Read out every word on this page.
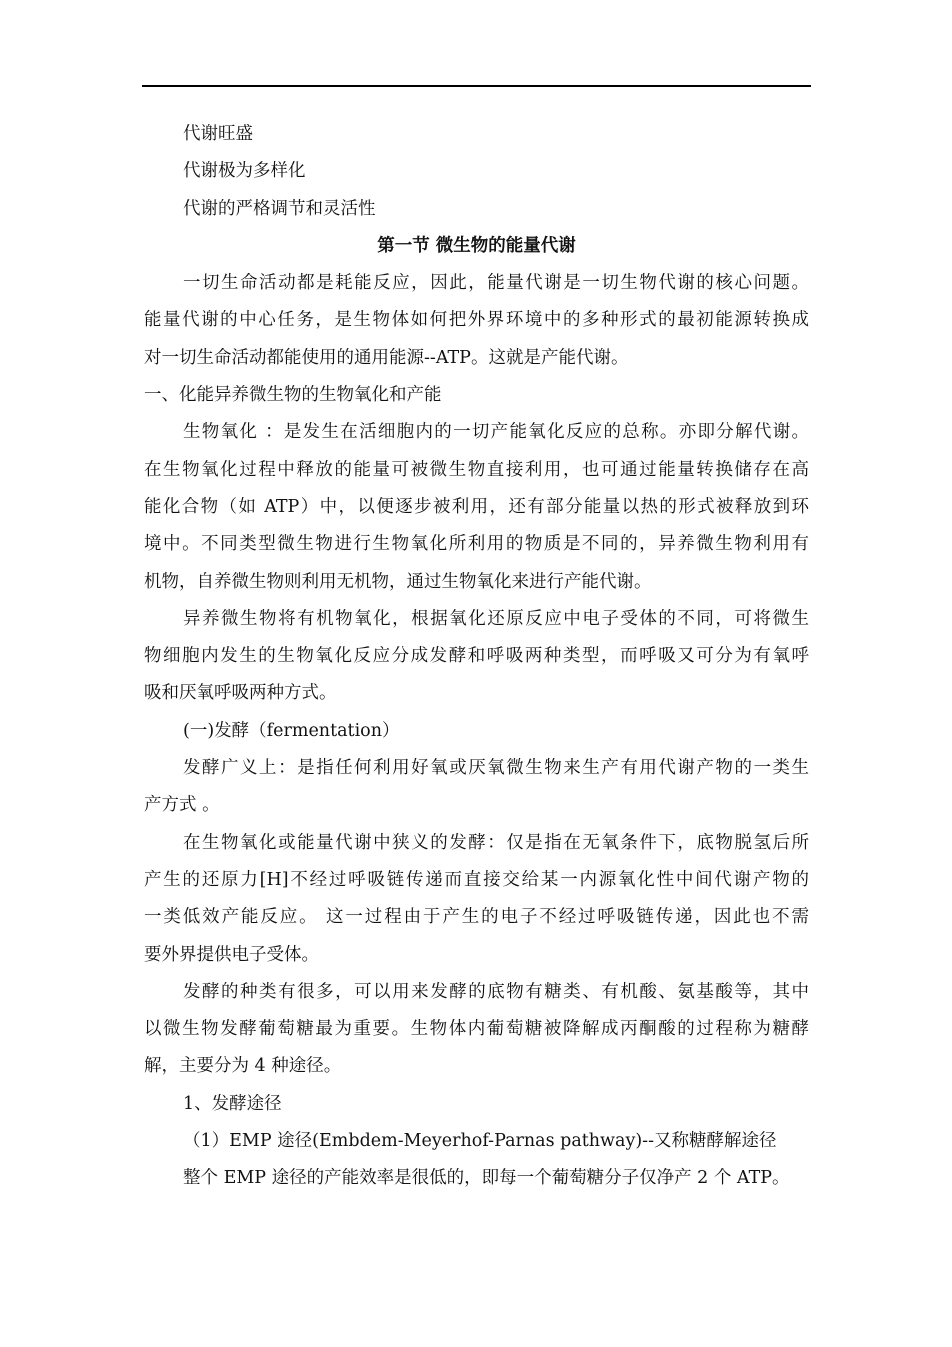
代谢旺盛
代谢极为多样化
代谢的严格调节和灵活性
第一节 微生物的能量代谢
一切生命活动都是耗能反应，因此，能量代谢是一切生物代谢的核心问题。
能量代谢的中心任务，是生物体如何把外界环境中的多种形式的最初能源转换成
对一切生命活动都能使用的通用能源--ATP。这就是产能代谢。
一、化能异养微生物的生物氧化和产能
生物氧化 ：是发生在活细胞内的一切产能氧化反应的总称。亦即分解代谢。
在生物氧化过程中释放的能量可被微生物直接利用，也可通过能量转换储存在高
能化合物（如 ATP）中，以便逐步被利用，还有部分能量以热的形式被释放到环
境中。不同类型微生物进行生物氧化所利用的物质是不同的，异养微生物利用有
机物，自养微生物则利用无机物，通过生物氧化来进行产能代谢。
异养微生物将有机物氧化，根据氧化还原反应中电子受体的不同，可将微生
物细胞内发生的生物氧化反应分成发酵和呼吸两种类型，而呼吸又可分为有氧呼
吸和厌氧呼吸两种方式。
(一)发酵（fermentation）
发酵广义上：是指任何利用好氧或厌氧微生物来生产有用代谢产物的一类生
产方式 。
在生物氧化或能量代谢中狭义的发酵：仅是指在无氧条件下，底物脱氢后所
产生的还原力[H]不经过呼吸链传递而直接交给某一内源氧化性中间代谢产物的
一类低效产能反应。 这一过程由于产生的电子不经过呼吸链传递，因此也不需
要外界提供电子受体。
发酵的种类有很多，可以用来发酵的底物有糖类、有机酸、氨基酸等，其中
以微生物发酵葡萄糖最为重要。生物体内葡萄糖被降解成丙酮酸的过程称为糖酵
解，主要分为 4 种途径。
1、发酵途径
（1）EMP 途径(Embdem-Meyerhof-Parnas pathway)--又称糖酵解途径
整个 EMP 途径的产能效率是很低的，即每一个葡萄糖分子仅净产 2 个 ATP。
